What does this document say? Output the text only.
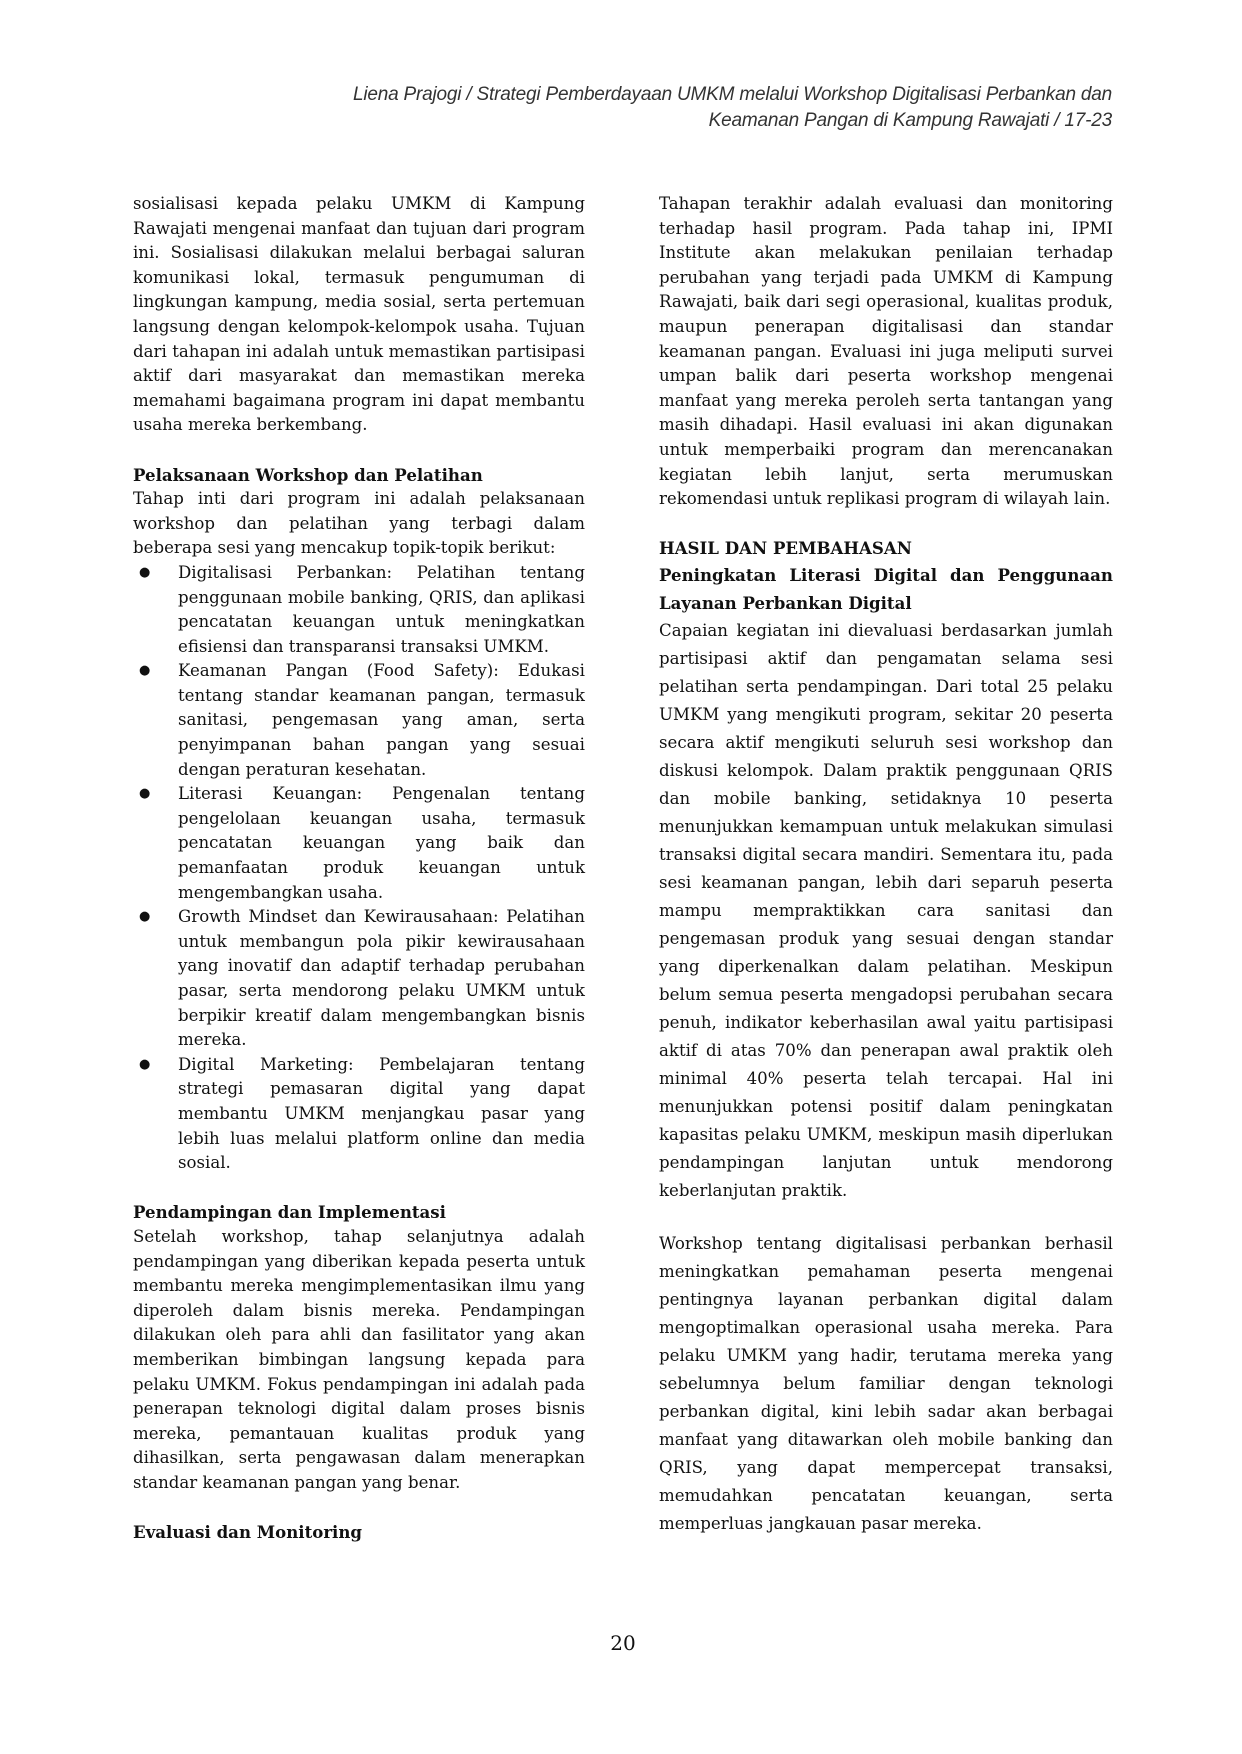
Liena Prajogi / Strategi Pemberdayaan UMKM melalui Workshop Digitalisasi Perbankan dan
Keamanan Pangan di Kampung Rawajati / 17-23

sosialisasi kepada pelaku UMKM di Kampung Rawajati mengenai manfaat dan tujuan dari program ini. Sosialisasi dilakukan melalui berbagai saluran komunikasi lokal, termasuk pengumuman di lingkungan kampung, media sosial, serta pertemuan langsung dengan kelompok-kelompok usaha. Tujuan dari tahapan ini adalah untuk memastikan partisipasi aktif dari masyarakat dan memastikan mereka memahami bagaimana program ini dapat membantu usaha mereka berkembang.

Pelaksanaan Workshop dan Pelatihan

Tahap inti dari program ini adalah pelaksanaan workshop dan pelatihan yang terbagi dalam beberapa sesi yang mencakup topik-topik berikut:

● Digitalisasi Perbankan: Pelatihan tentang penggunaan mobile banking, QRIS, dan aplikasi pencatatan keuangan untuk meningkatkan efisiensi dan transparansi transaksi UMKM.
● Keamanan Pangan (Food Safety): Edukasi tentang standar keamanan pangan, termasuk sanitasi, pengemasan yang aman, serta penyimpanan bahan pangan yang sesuai dengan peraturan kesehatan.
● Literasi Keuangan: Pengenalan tentang pengelolaan keuangan usaha, termasuk pencatatan keuangan yang baik dan pemanfaatan produk keuangan untuk mengembangkan usaha.
● Growth Mindset dan Kewirausahaan: Pelatihan untuk membangun pola pikir kewirausahaan yang inovatif dan adaptif terhadap perubahan pasar, serta mendorong pelaku UMKM untuk berpikir kreatif dalam mengembangkan bisnis mereka.
● Digital Marketing: Pembelajaran tentang strategi pemasaran digital yang dapat membantu UMKM menjangkau pasar yang lebih luas melalui platform online dan media sosial.

Pendampingan dan Implementasi

Setelah workshop, tahap selanjutnya adalah pendampingan yang diberikan kepada peserta untuk membantu mereka mengimplementasikan ilmu yang diperoleh dalam bisnis mereka. Pendampingan dilakukan oleh para ahli dan fasilitator yang akan memberikan bimbingan langsung kepada para pelaku UMKM. Fokus pendampingan ini adalah pada penerapan teknologi digital dalam proses bisnis mereka, pemantauan kualitas produk yang dihasilkan, serta pengawasan dalam menerapkan standar keamanan pangan yang benar.

Evaluasi dan Monitoring

Tahapan terakhir adalah evaluasi dan monitoring terhadap hasil program. Pada tahap ini, IPMI Institute akan melakukan penilaian terhadap perubahan yang terjadi pada UMKM di Kampung Rawajati, baik dari segi operasional, kualitas produk, maupun penerapan digitalisasi dan standar keamanan pangan. Evaluasi ini juga meliputi survei umpan balik dari peserta workshop mengenai manfaat yang mereka peroleh serta tantangan yang masih dihadapi. Hasil evaluasi ini akan digunakan untuk memperbaiki program dan merencanakan kegiatan lebih lanjut, serta merumuskan rekomendasi untuk replikasi program di wilayah lain.

HASIL DAN PEMBAHASAN

Peningkatan Literasi Digital dan Penggunaan Layanan Perbankan Digital

Capaian kegiatan ini dievaluasi berdasarkan jumlah partisipasi aktif dan pengamatan selama sesi pelatihan serta pendampingan. Dari total 25 pelaku UMKM yang mengikuti program, sekitar 20 peserta secara aktif mengikuti seluruh sesi workshop dan diskusi kelompok. Dalam praktik penggunaan QRIS dan mobile banking, setidaknya 10 peserta menunjukkan kemampuan untuk melakukan simulasi transaksi digital secara mandiri. Sementara itu, pada sesi keamanan pangan, lebih dari separuh peserta mampu mempraktikkan cara sanitasi dan pengemasan produk yang sesuai dengan standar yang diperkenalkan dalam pelatihan. Meskipun belum semua peserta mengadopsi perubahan secara penuh, indikator keberhasilan awal yaitu partisipasi aktif di atas 70% dan penerapan awal praktik oleh minimal 40% peserta telah tercapai. Hal ini menunjukkan potensi positif dalam peningkatan kapasitas pelaku UMKM, meskipun masih diperlukan pendampingan lanjutan untuk mendorong keberlanjutan praktik.

Workshop tentang digitalisasi perbankan berhasil meningkatkan pemahaman peserta mengenai pentingnya layanan perbankan digital dalam mengoptimalkan operasional usaha mereka. Para pelaku UMKM yang hadir, terutama mereka yang sebelumnya belum familiar dengan teknologi perbankan digital, kini lebih sadar akan berbagai manfaat yang ditawarkan oleh mobile banking dan QRIS, yang dapat mempercepat transaksi, memudahkan pencatatan keuangan, serta memperluas jangkauan pasar mereka.

20
